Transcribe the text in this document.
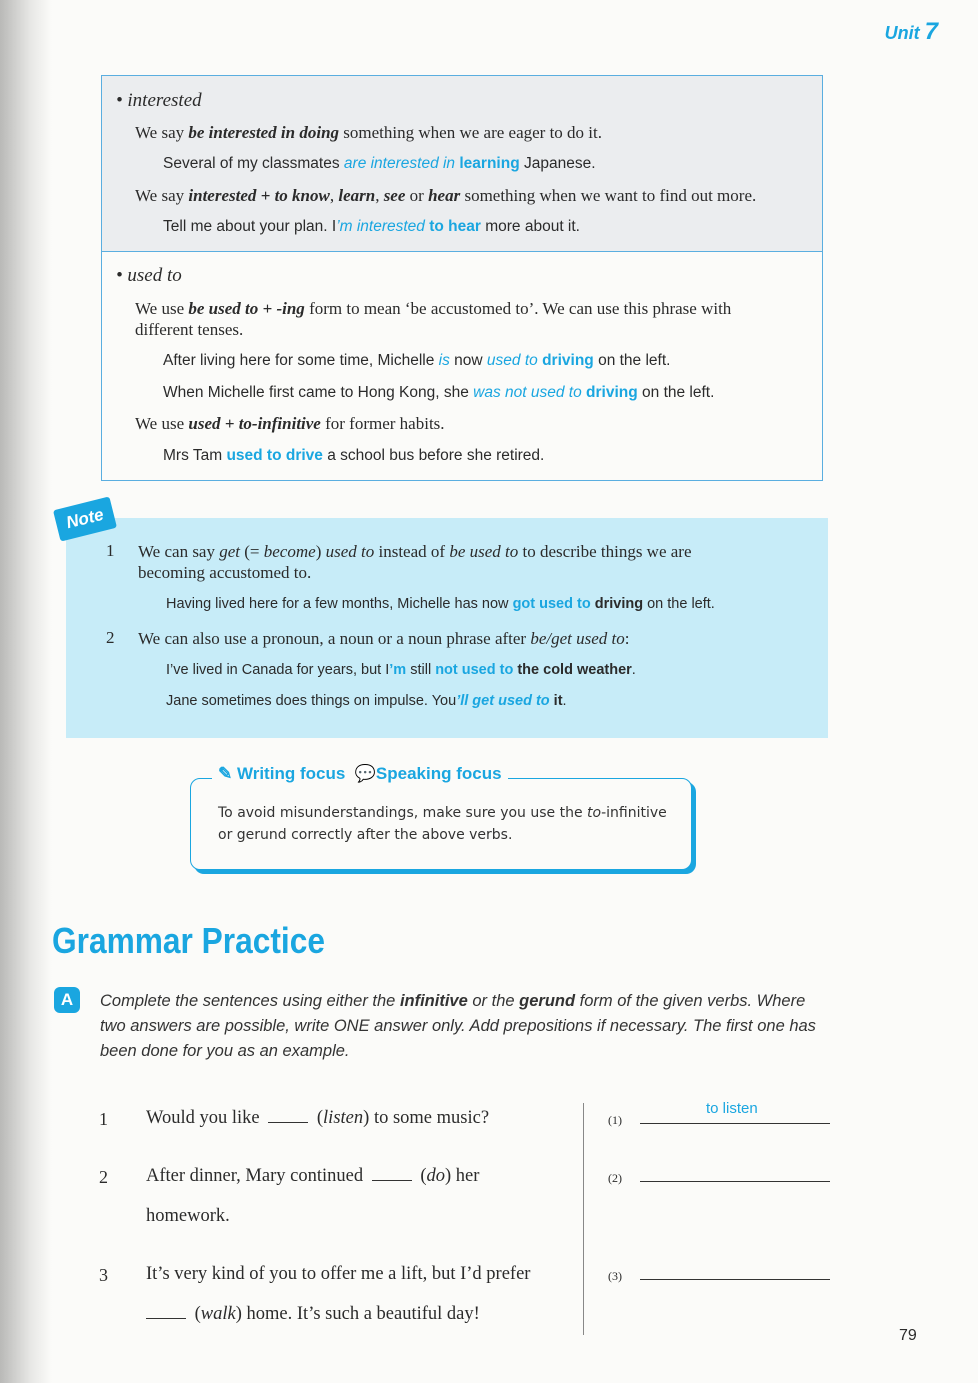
Unit 7
• interested
We say be interested in doing something when we are eager to do it.
Several of my classmates are interested in learning Japanese.
We say interested + to know, learn, see or hear something when we want to find out more.
Tell me about your plan. I’m interested to hear more about it.
• used to
We use be used to + -ing form to mean ‘be accustomed to’. We can use this phrase with
different tenses.
After living here for some time, Michelle is now used to driving on the left.
When Michelle first came to Hong Kong, she was not used to driving on the left.
We use used + to-infinitive for former habits.
Mrs Tam used to drive a school bus before she retired.
Note
1 We can say get (= become) used to instead of be used to to describe things we are
becoming accustomed to.
Having lived here for a few months, Michelle has now got used to driving on the left.
2 We can also use a pronoun, a noun or a noun phrase after be/get used to:
I’ve lived in Canada for years, but I’m still not used to the cold weather.
Jane sometimes does things on impulse. You’ll get used to it.
✎ Writing focus 💬Speaking focus
To avoid misunderstandings, make sure you use the to-infinitive
or gerund correctly after the above verbs.
Grammar Practice
A	Complete the sentences using either the infinitive or the gerund form of the given verbs. Where
two answers are possible, write ONE answer only. Add prepositions if necessary. The first one has
been done for you as an example.
1 Would you like	(listen) to some music?
2 After dinner, Mary continued	(do) her
homework.
3 It’s very kind of you to offer me a lift, but I’d prefer
(walk) home. It’s such a beautiful day!
(1)
to listen
(2)
(3)
79
